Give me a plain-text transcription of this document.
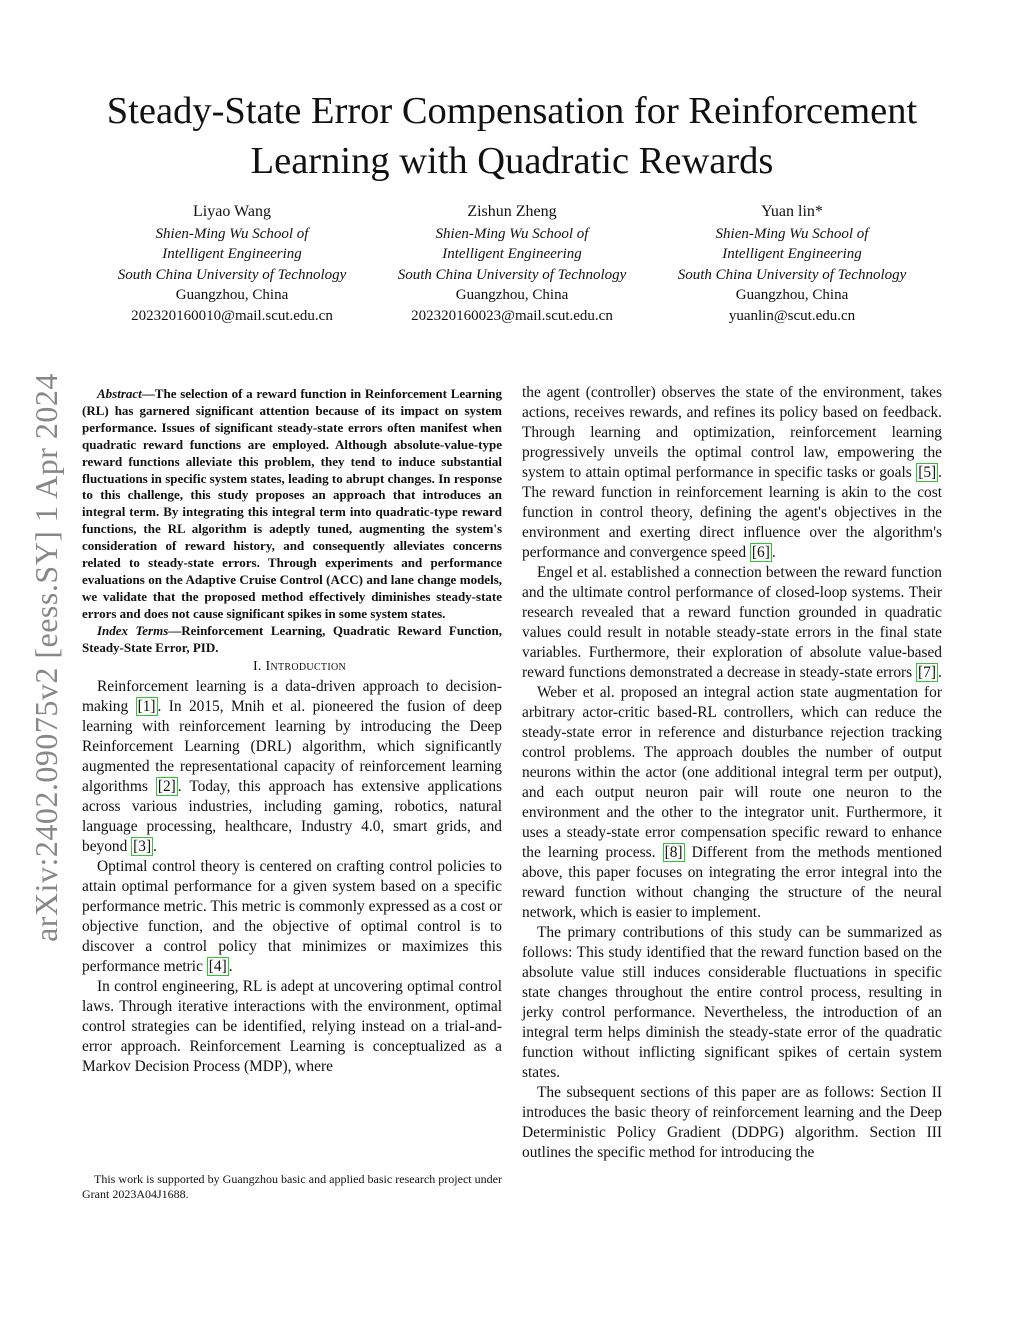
arXiv:2402.09075v2 [eess.SY] 1 Apr 2024
Steady-State Error Compensation for Reinforcement
Learning with Quadratic Rewards
Liyao Wang
Shien-Ming Wu School of
Intelligent Engineering
South China University of Technology
Guangzhou, China
202320160010@mail.scut.edu.cn
Zishun Zheng
Shien-Ming Wu School of
Intelligent Engineering
South China University of Technology
Guangzhou, China
202320160023@mail.scut.edu.cn
Yuan lin*
Shien-Ming Wu School of
Intelligent Engineering
South China University of Technology
Guangzhou, China
yuanlin@scut.edu.cn

Abstract—The selection of a reward function in Reinforcement Learning (RL) has garnered significant attention because of its impact on system performance. Issues of significant steady-state errors often manifest when quadratic reward functions are employed. Although absolute-value-type reward functions alleviate this problem, they tend to induce substantial fluctuations in specific system states, leading to abrupt changes. In response to this challenge, this study proposes an approach that introduces an integral term. By integrating this integral term into quadratic-type reward functions, the RL algorithm is adeptly tuned, augmenting the system's consideration of reward history, and consequently alleviates concerns related to steady-state errors. Through experiments and performance evaluations on the Adaptive Cruise Control (ACC) and lane change models, we validate that the proposed method effectively diminishes steady-state errors and does not cause significant spikes in some system states.

Index Terms—Reinforcement Learning, Quadratic Reward Function, Steady-State Error, PID.

I. Introduction

Reinforcement learning is a data-driven approach to decision-making [1] . In 2015, Mnih et al. pioneered the fusion of deep learning with reinforcement learning by introducing the Deep Reinforcement Learning (DRL) algorithm, which significantly augmented the representational capacity of reinforcement learning algorithms [2] . Today, this approach has extensive applications across various industries, including gaming, robotics, natural language processing, healthcare, Industry 4.0, smart grids, and beyond [3] .

Optimal control theory is centered on crafting control policies to attain optimal performance for a given system based on a specific performance metric. This metric is commonly expressed as a cost or objective function, and the objective of optimal control is to discover a control policy that minimizes or maximizes this performance metric [4] .

In control engineering, RL is adept at uncovering optimal control laws. Through iterative interactions with the environment, optimal control strategies can be identified, relying instead on a trial-and-error approach. Reinforcement Learning is conceptualized as a Markov Decision Process (MDP), where

This work is supported by Guangzhou basic and applied basic research project under Grant 2023A04J1688.

the agent (controller) observes the state of the environment, takes actions, receives rewards, and refines its policy based on feedback. Through learning and optimization, reinforcement learning progressively unveils the optimal control law, empowering the system to attain optimal performance in specific tasks or goals [5] . The reward function in reinforcement learning is akin to the cost function in control theory, defining the agent's objectives in the environment and exerting direct influence over the algorithm's performance and convergence speed [6] .

Engel et al. established a connection between the reward function and the ultimate control performance of closed-loop systems. Their research revealed that a reward function grounded in quadratic values could result in notable steady-state errors in the final state variables. Furthermore, their exploration of absolute value-based reward functions demonstrated a decrease in steady-state errors [7] .

Weber et al. proposed an integral action state augmentation for arbitrary actor-critic based-RL controllers, which can reduce the steady-state error in reference and disturbance rejection tracking control problems. The approach doubles the number of output neurons within the actor (one additional integral term per output), and each output neuron pair will route one neuron to the environment and the other to the integrator unit. Furthermore, it uses a steady-state error compensation specific reward to enhance the learning process. [8] Different from the methods mentioned above, this paper focuses on integrating the error integral into the reward function without changing the structure of the neural network, which is easier to implement.

The primary contributions of this study can be summarized as follows: This study identified that the reward function based on the absolute value still induces considerable fluctuations in specific state changes throughout the entire control process, resulting in jerky control performance. Nevertheless, the introduction of an integral term helps diminish the steady-state error of the quadratic function without inflicting significant spikes of certain system states.

The subsequent sections of this paper are as follows: Section II introduces the basic theory of reinforcement learning and the Deep Deterministic Policy Gradient (DDPG) algorithm. Section III outlines the specific method for introducing the
